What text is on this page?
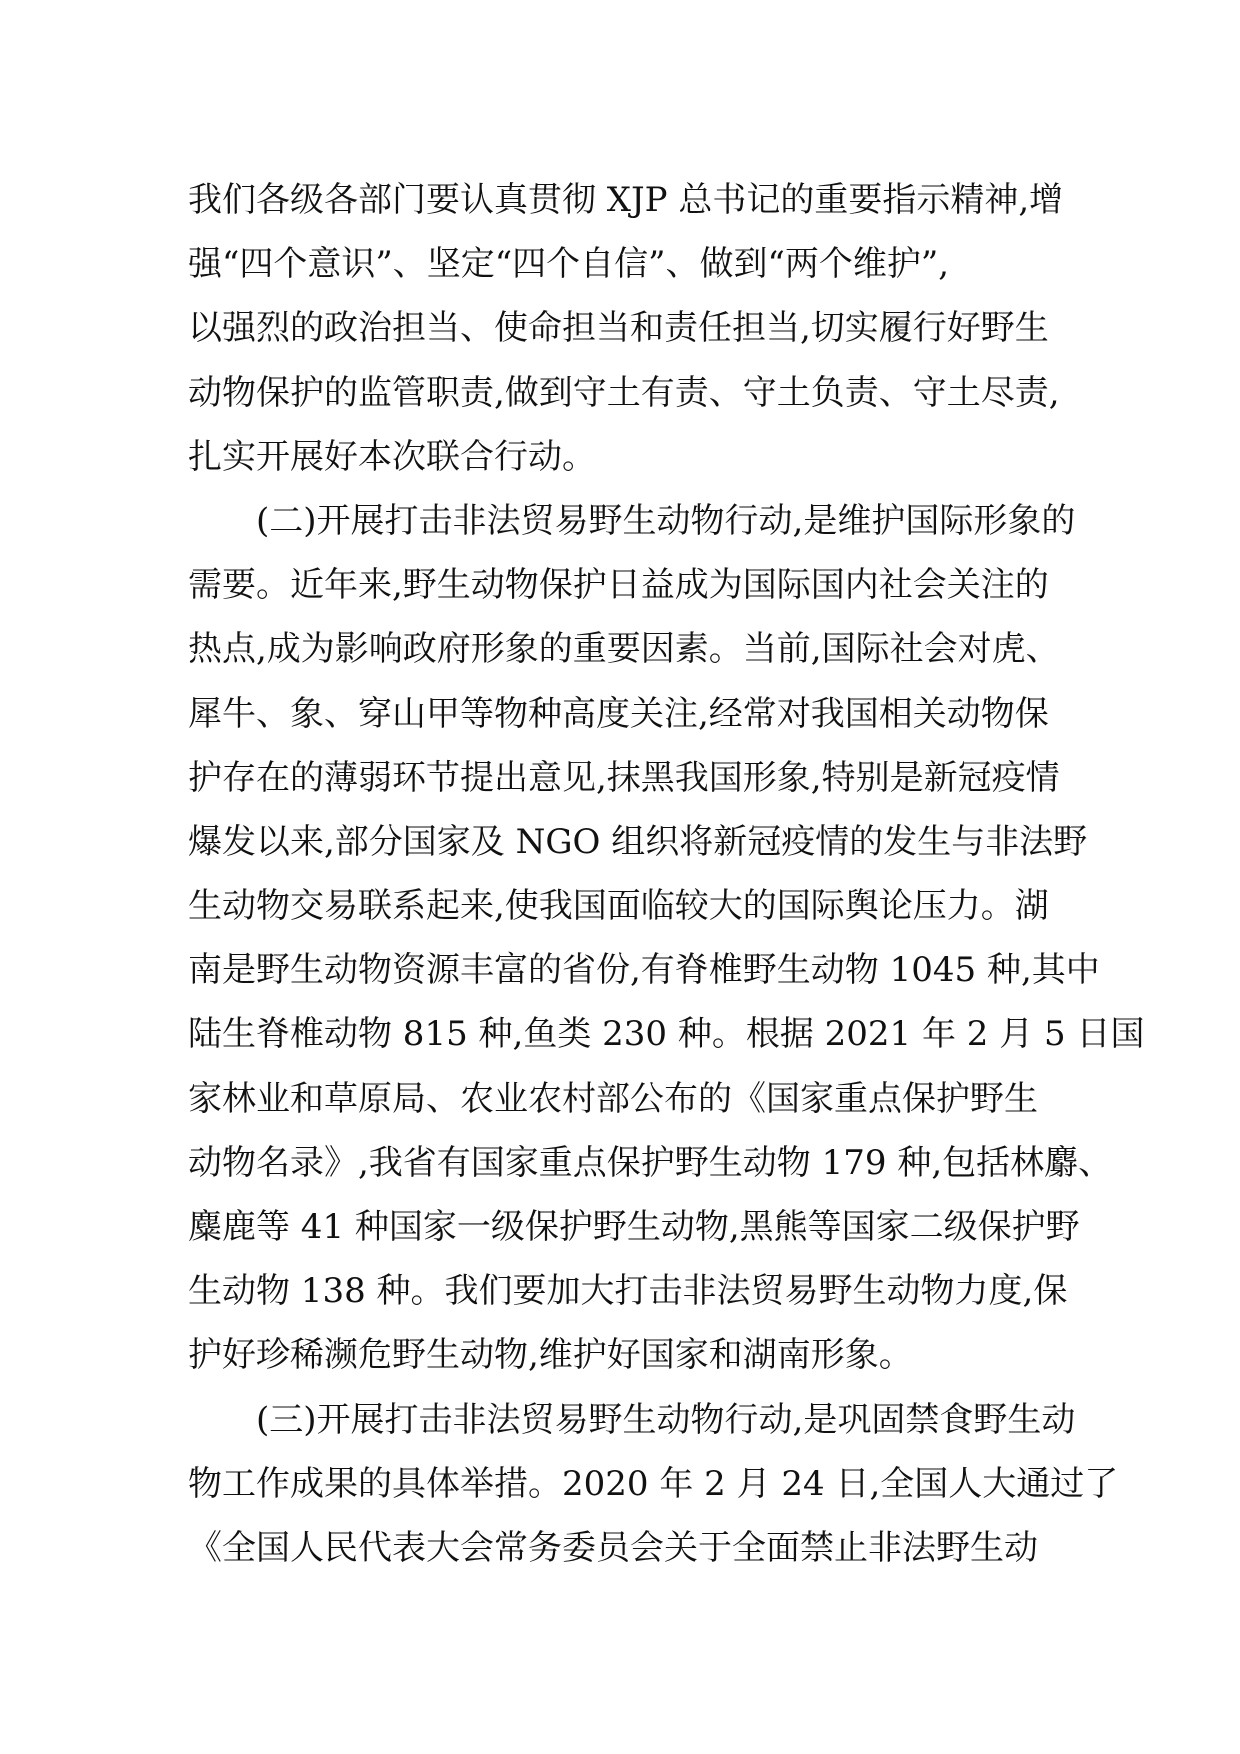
我们各级各部门要认真贯彻 XJP 总书记的重要指示精神,增
强“四个意识”、坚定“四个自信”、做到“两个维护”,
以强烈的政治担当、使命担当和责任担当,切实履行好野生
动物保护的监管职责,做到守土有责、守土负责、守土尽责,
扎实开展好本次联合行动。
(二)开展打击非法贸易野生动物行动,是维护国际形象的
需要。近年来,野生动物保护日益成为国际国内社会关注的
热点,成为影响政府形象的重要因素。当前,国际社会对虎、
犀牛、象、穿山甲等物种高度关注,经常对我国相关动物保
护存在的薄弱环节提出意见,抹黑我国形象,特别是新冠疫情
爆发以来,部分国家及 NGO 组织将新冠疫情的发生与非法野
生动物交易联系起来,使我国面临较大的国际舆论压力。湖
南是野生动物资源丰富的省份,有脊椎野生动物 1045 种,其中
陆生脊椎动物 815 种,鱼类 230 种。根据 2021 年 2 月 5 日国
家林业和草原局、农业农村部公布的《国家重点保护野生
动物名录》,我省有国家重点保护野生动物 179 种,包括林麝、
麋鹿等 41 种国家一级保护野生动物,黑熊等国家二级保护野
生动物 138 种。我们要加大打击非法贸易野生动物力度,保
护好珍稀濒危野生动物,维护好国家和湖南形象。
(三)开展打击非法贸易野生动物行动,是巩固禁食野生动
物工作成果的具体举措。2020 年 2 月 24 日,全国人大通过了
《全国人民代表大会常务委员会关于全面禁止非法野生动
